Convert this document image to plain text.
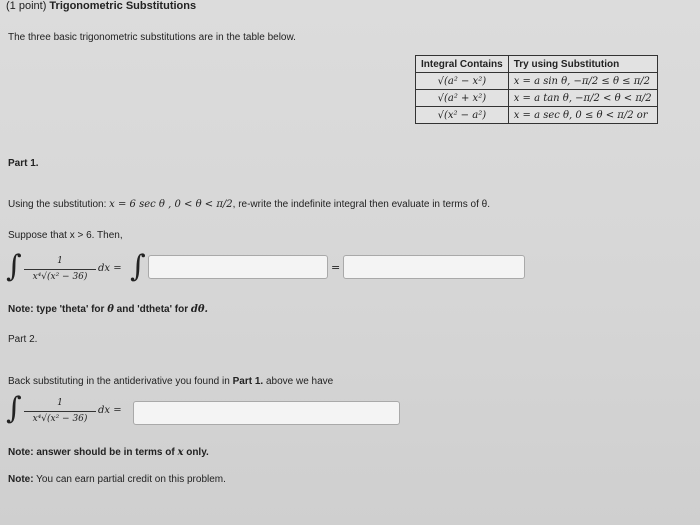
(1 point) Trigonometric Substitutions
The three basic trigonometric substitutions are in the table below.
Integral Contains	Try using Substitution
√(a² − x²)	x = a sin θ, −π/2 ≤ θ ≤ π/2
√(a² + x²)	x = a tan θ, −π/2 < θ < π/2
√(x² − a²)	x = a sec θ, 0 ≤ θ < π/2 or
Part 1.
Using the substitution: x = 6 sec θ , 0 < θ < π/2, re-write the indefinite integral then evaluate in terms of θ.
Suppose that x > 6. Then,
∫	1
x⁴√(x² − 36)
dx = ∫	=
Note: type 'theta' for θ and 'dtheta' for dθ.
Part 2.
Back substituting in the antiderivative you found in Part 1. above we have
∫	1
x⁴√(x² − 36)
dx =
Note: answer should be in terms of x only.
Note: You can earn partial credit on this problem.
